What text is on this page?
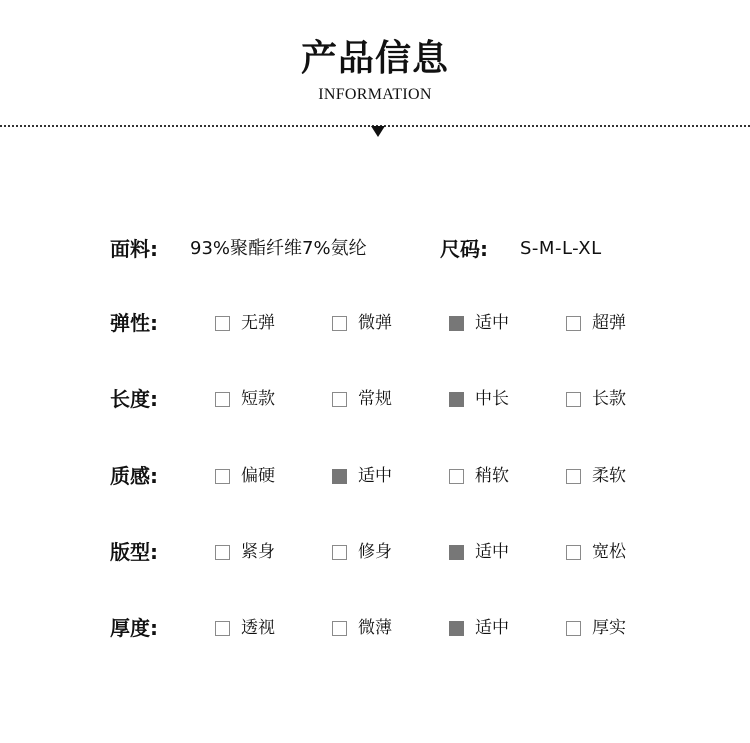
产品信息
INFORMATION
面料: 93%聚酯纤维7%氨纶	尺码: S-M-L-XL
弹性:	无弹	微弹	适中	超弹
长度:	短款	常规	中长	长款
质感:	偏硬	适中	稍软	柔软
版型:	紧身	修身	适中	宽松
厚度:	透视	微薄	适中	厚实
